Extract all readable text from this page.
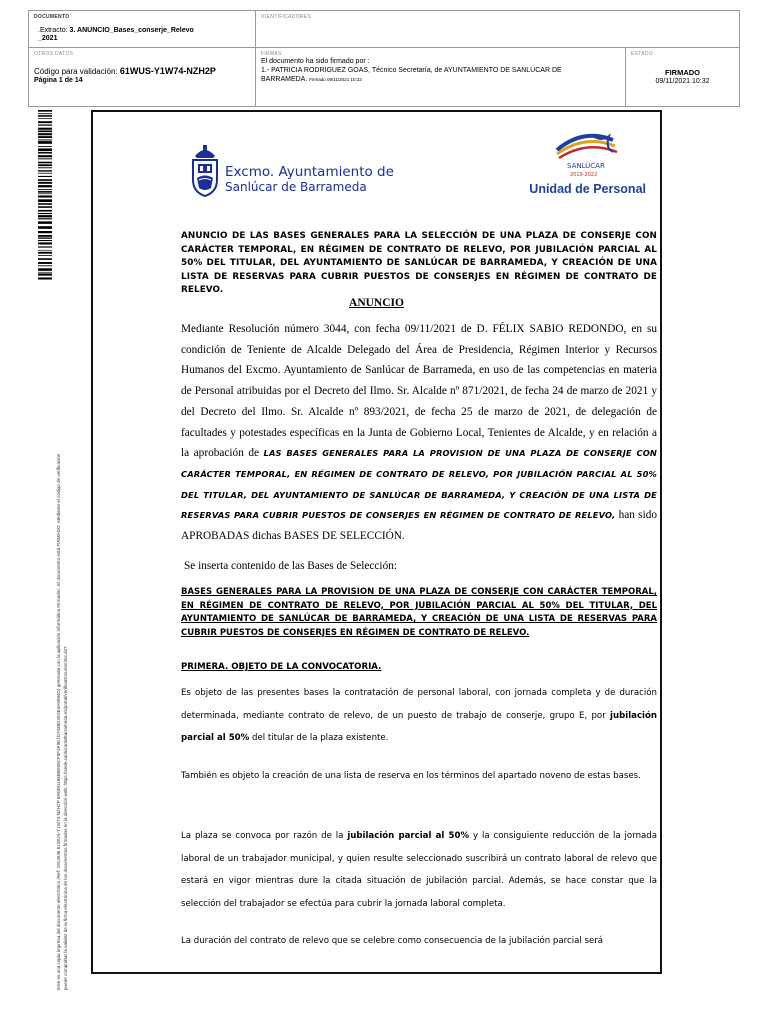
DOCUMENTO
.Extracto: 3. ANUNCIO_Bases_conserje_Relevo
_2021
IDENTIFICADORES
OTROS DATOS	FIRMAS	ESTADO
Código para validación: 61WUS-Y1W74-NZH2P
Página 1 de 14
El documento ha sido firmado por :
1.- PATRICIA RODRIGUEZ GOAS, Técnico Secretaría, de AYUNTAMIENTO DE SANLÚCAR DE
BARRAMEDA. Firmado 09/11/2021 10:32
FIRMADO
09/11/2021 10:32
Este es una copia impresa del documento electrónico (Ref: 2913546 61WUS-Y1W74-NZH2P 6F6491165B6E69CF5F4F9E1D7436D2E4E4A5994D) generada con la aplicación informática Firmadoc. El documento está FIRMADO. Mediante el código de verificación puede comprobar la validez de la firma electrónica de los documentos firmados en la dirección web: https://sede.sanlucardebarrameda.es/portal/verificaDocumentos.do?
Excmo. Ayuntamiento de
Sanlúcar de Barrameda
SANLÚCAR
2019-2022
Unidad de Personal
ANUNCIO DE LAS BASES GENERALES PARA LA SELECCIÓN DE UNA PLAZA DE CONSERJE CON CARÁCTER TEMPORAL, EN RÉGIMEN DE CONTRATO DE RELEVO, POR JUBILACIÓN PARCIAL AL 50% DEL TITULAR, DEL AYUNTAMIENTO DE SANLÚCAR DE BARRAMEDA, Y CREACIÓN DE UNA LISTA DE RESERVAS PARA CUBRIR PUESTOS DE CONSERJES EN RÉGIMEN DE CONTRATO DE RELEVO.
ANUNCIO
Mediante Resolución número 3044, con fecha 09/11/2021 de D. FÉLIX SABIO REDONDO, en su condición de Teniente de Alcalde Delegado del Área de Presidencia, Régimen Interior y Recursos Humanos del Excmo. Ayuntamiento de Sanlúcar de Barrameda, en uso de las competencias en materia de Personal atribuidas por el Decreto del Ilmo. Sr. Alcalde nº 871/2021, de fecha 24 de marzo de 2021 y del Decreto del Ilmo. Sr. Alcalde nº 893/2021, de fecha 25 de marzo de 2021, de delegación de facultades y potestades específicas en la Junta de Gobierno Local, Tenientes de Alcalde, y en relación a la aprobación de LAS BASES GENERALES PARA LA PROVISION DE UNA PLAZA DE CONSERJE CON CARÁCTER TEMPORAL, EN RÉGIMEN DE CONTRATO DE RELEVO, POR JUBILACIÓN PARCIAL AL 50% DEL TITULAR, DEL AYUNTAMIENTO DE SANLÚCAR DE BARRAMEDA, Y CREACIÓN DE UNA LISTA DE RESERVAS PARA CUBRIR PUESTOS DE CONSERJES EN RÉGIMEN DE CONTRATO DE RELEVO, han sido APROBADAS dichas BASES DE SELECCIÓN.
Se inserta contenido de las Bases de Selección:
BASES GENERALES PARA LA PROVISION DE UNA PLAZA DE CONSERJE CON CARÁCTER TEMPORAL, EN RÉGIMEN DE CONTRATO DE RELEVO, POR JUBILACIÓN PARCIAL AL 50% DEL TITULAR, DEL AYUNTAMIENTO DE SANLÚCAR DE BARRAMEDA, Y CREACIÓN DE UNA LISTA DE RESERVAS PARA CUBRIR PUESTOS DE CONSERJES EN RÉGIMEN DE CONTRATO DE RELEVO.
PRIMERA. OBJETO DE LA CONVOCATORIA.
Es objeto de las presentes bases la contratación de personal laboral, con jornada completa y de duración determinada, mediante contrato de relevo, de un puesto de trabajo de conserje, grupo E, por jubilación parcial al 50% del titular de la plaza existente.
También es objeto la creación de una lista de reserva en los términos del apartado noveno de estas bases.
La plaza se convoca por razón de la jubilación parcial al 50% y la consiguiente reducción de la jornada laboral de un trabajador municipal, y quien resulte seleccionado suscribirá un contrato laboral de relevo que estará en vigor mientras dure la citada situación de jubilación parcial. Además, se hace constar que la selección del trabajador se efectúa para cubrir la jornada laboral completa.
La duración del contrato de relevo que se celebre como consecuencia de la jubilación parcial será
